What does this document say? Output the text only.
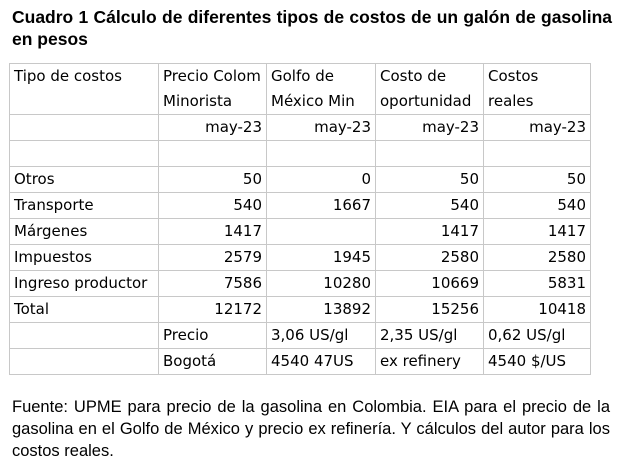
Cuadro 1 Cálculo de diferentes tipos de costos de un galón de gasolina en pesos
Tipo de costos	Precio Colom	Golfo de	Costo de	Costos
	Minorista	México Min	oportunidad	reales
	may-23	may-23	may-23	may-23

Otros	50	0	50	50
Transporte	540	1667	540	540
Márgenes	1417		1417	1417
Impuestos	2579	1945	2580	2580
Ingreso productor	7586	10280	10669	5831
Total	12172	13892	15256	10418
	Precio	3,06 US/gl	2,35 US/gl	0,62 US/gl
	Bogotá	4540 47US	ex refinery	4540 $/US
Fuente: UPME para precio de la gasolina en Colombia. EIA para el precio de la gasolina en el Golfo de México y precio ex refinería. Y cálculos del autor para los costos reales.
